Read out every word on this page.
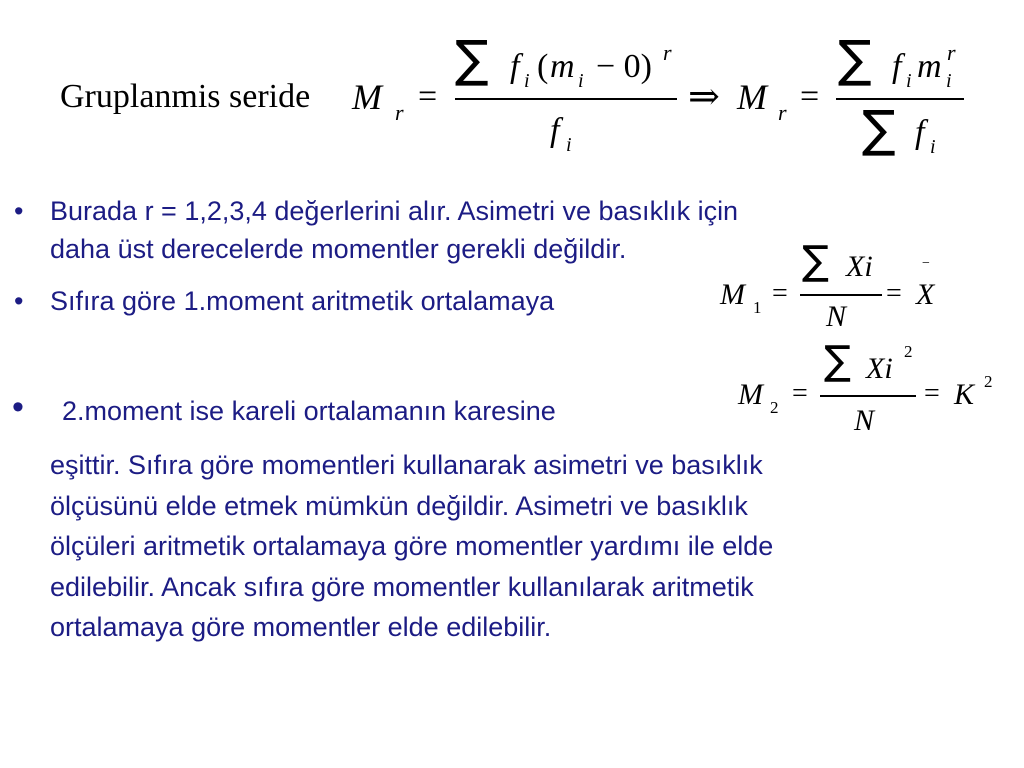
Gruplanmis seride M r =
∑ f i ( m i − 0) r
f i
⇒ M r =
∑ f i m r
i
∑ f i
• Burada r = 1,2,3,4 değerlerini alır. Asimetri ve basıklık için
daha üst derecelerde momentler gerekli değildir.
• Sıfıra göre 1.moment aritmetik ortalamaya
• 2.moment ise kareli ortalamanın karesine
M 1 =
∑ Xi
N
=
−
X
M 2 =
∑ Xi
2
N
= K 2
eşittir. Sıfıra göre momentleri kullanarak asimetri ve basıklık
ölçüsünü elde etmek mümkün değildir. Asimetri ve basıklık
ölçüleri aritmetik ortalamaya göre momentler yardımı ile elde
edilebilir. Ancak sıfıra göre momentler kullanılarak aritmetik
ortalamaya göre momentler elde edilebilir.
